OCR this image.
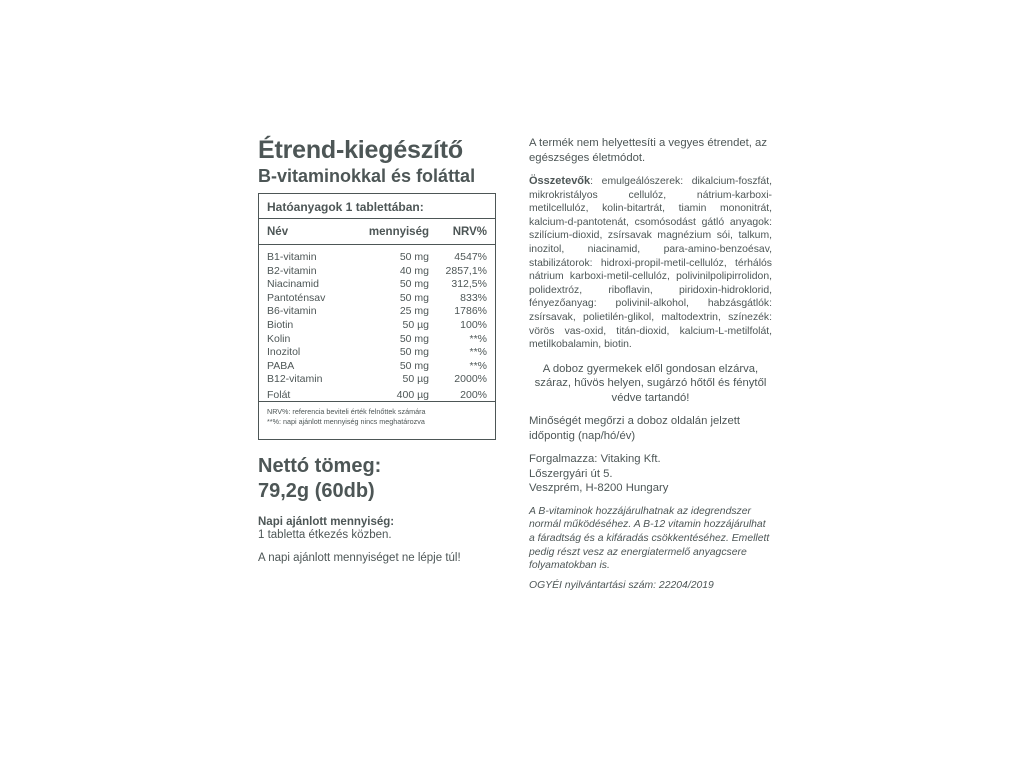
Étrend-kiegészítő
B-vitaminokkal és foláttal
Hatóanyagok 1 tablettában:
Név	mennyiség	NRV%
B1-vitamin	50 mg	4547%
B2-vitamin	40 mg	2857,1%
Niacinamid	50 mg	312,5%
Pantoténsav	50 mg	833%
B6-vitamin	25 mg	1786%
Biotin	50 µg	100%
Kolin	50 mg	**%
Inozitol	50 mg	**%
PABA	50 mg	**%
B12-vitamin	50 µg	2000%
Folát	400 µg	200%
NRV%: referencia beviteli érték felnőttek számára
**%: napi ajánlott mennyiség nincs meghatározva

Nettó tömeg:

79,2g (60db)

Napi ajánlott mennyiség:

1 tabletta étkezés közben.

A napi ajánlott mennyiséget ne lépje túl!

A termék nem helyettesíti a vegyes étrendet, az egészséges életmódot.

Összetevők: emulgeálószerek: dikalcium-foszfát, mikrokristályos cellulóz, nátrium-karboxi-metilcellulóz, kolin-bitartrát, tiamin mononitrát, kalcium-d-pantotenát, csomósodást gátló anyagok: szilícium-dioxid, zsírsavak magnézium sói, talkum, inozitol, niacinamid, para-amino-benzoésav, stabilizátorok: hidroxi-propil-metil-cellulóz, térhálós nátrium karboxi-metil-cellulóz, polivinilpolipirrolidon, polidextróz, riboflavin, piridoxin-hidroklorid, fényezőanyag: polivinil-alkohol, habzásgátlók: zsírsavak, polietilén-glikol, maltodextrin, színezék: vörös vas-oxid, titán-dioxid, kalcium-L-metilfolát, metilkobalamin, biotin.

A doboz gyermekek elől gondosan elzárva, száraz, hűvös helyen, sugárzó hőtől és fénytől védve tartandó!

Minőségét megőrzi a doboz oldalán jelzett időpontig (nap/hó/év)

Forgalmazza: Vitaking Kft.
Lőszergyári út 5.
Veszprém, H-8200 Hungary

A B-vitaminok hozzájárulhatnak az idegrendszer normál működéséhez. A B-12 vitamin hozzájárulhat a fáradtság és a kifáradás csökkentéséhez. Emellett pedig részt vesz az energiatermelő anyagcsere folyamatokban is.

OGYÉI nyilvántartási szám: 22204/2019
